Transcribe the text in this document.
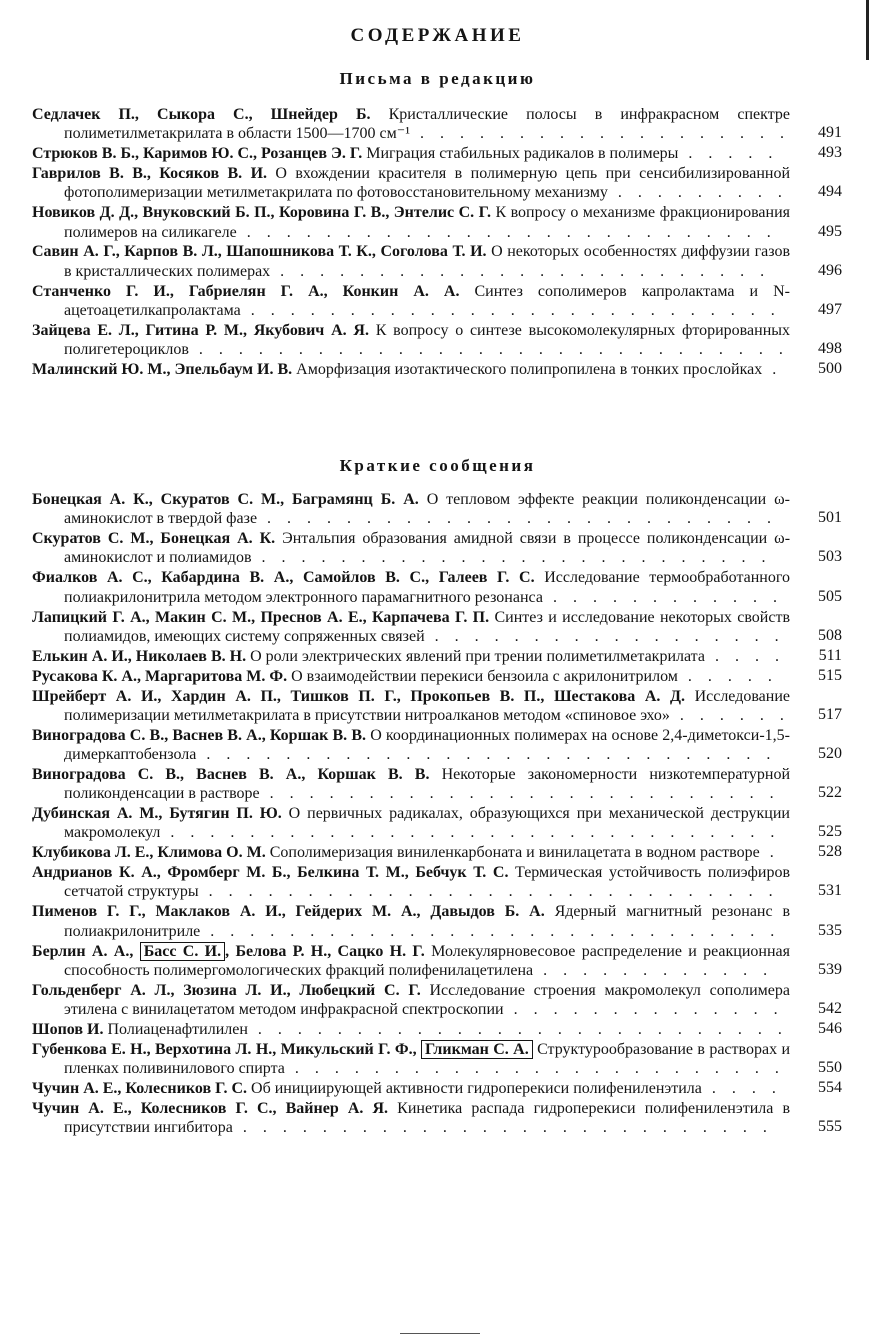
СОДЕРЖАНИЕ
Письма в редакцию
Седлачек П., Сыкора С., Шнейдер Б. Кристаллические полосы в инфракрасном спектре полиметилметакрилата в области 1500—1700 см⁻¹ . . . . . . . . . . . . . . . . . . .	491
Стрюков В. Б., Каримов Ю. С., Розанцев Э. Г. Миграция стабильных радикалов в полимеры . . . . .	493
Гаврилов В. В., Косяков В. И. О вхождении красителя в полимерную цепь при сенсибилизированной фотополимеризации метилметакрилата по фотовосстановительному механизму . . . . . . . . .	494
Новиков Д. Д., Внуковский Б. П., Коровина Г. В., Энтелис С. Г. К вопросу о механизме фракционирования полимеров на силикагеле . . . . . . . . . . . . . . . . . . . . . . . . . . .	495
Савин А. Г., Карпов В. Л., Шапошникова Т. К., Соголова Т. И. О некоторых особенностях диффузии газов в кристаллических полимерах . . . . . . . . . . . . . . . . . . . . . . . . .	496
Станченко Г. И., Габриелян Г. А., Конкин А. А. Синтез сополимеров капролактама и N-ацетоацетилкапролактама . . . . . . . . . . . . . . . . . . . . . . . . . . .	497
Зайцева Е. Л., Гитина Р. М., Якубович А. Я. К вопросу о синтезе высокомолекулярных фторированных полигетероциклов . . . . . . . . . . . . . . . . . . . . . . . . . . . . . .	498
Малинский Ю. М., Эпельбаум И. В. Аморфизация изотактического полипропилена в тонких прослойках .	500
Краткие сообщения
Бонецкая А. К., Скуратов С. М., Баграмянц Б. А. О тепловом эффекте реакции поликонденсации ω-аминокислот в твердой фазе . . . . . . . . . . . . . . . . . . . . . . . . . .	501
Скуратов С. М., Бонецкая А. К. Энтальпия образования амидной связи в процессе поликонденсации ω-аминокислот и полиамидов . . . . . . . . . . . . . . . . . . . . . . . . . .	503
Фиалков А. С., Кабардина В. А., Самойлов В. С., Галеев Г. С. Исследование термообработанного полиакрилонитрила методом электронного парамагнитного резонанса . . . . . . . . . . . .	505
Лапицкий Г. А., Макин С. М., Преснов А. Е., Карпачева Г. П. Синтез и исследование некоторых свойств полиамидов, имеющих систему сопряженных связей . . . . . . . . . . . . . . . . . .	508
Елькин А. И., Николаев В. Н. О роли электрических явлений при трении полиметилметакрилата . . . .	511
Русакова К. А., Маргаритова М. Ф. О взаимодействии перекиси бензоила с акрилонитрилом . . . . .	515
Шрейберт А. И., Хардин А. П., Тишков П. Г., Прокопьев В. П., Шестакова А. Д. Исследование полимеризации метилметакрилата в присутствии нитроалканов методом «спиновое эхо» . . . . . .	517
Виноградова С. В., Васнев В. А., Коршак В. В. О координационных полимерах на основе 2,4-диметокси-1,5-димеркаптобензола . . . . . . . . . . . . . . . . . . . . . . . . . . . . .	520
Виноградова С. В., Васнев В. А., Коршак В. В. Некоторые закономерности низкотемпературной поликонденсации в растворе . . . . . . . . . . . . . . . . . . . . . . . . . .	522
Дубинская А. М., Бутягин П. Ю. О первичных радикалах, образующихся при механической деструкции макромолекул . . . . . . . . . . . . . . . . . . . . . . . . . . . . . . .	525
Клубикова Л. Е., Климова О. М. Сополимеризация виниленкарбоната и винилацетата в водном растворе .	528
Андрианов К. А., Фромберг М. Б., Белкина Т. М., Бебчук Т. С. Термическая устойчивость полиэфиров сетчатой структуры . . . . . . . . . . . . . . . . . . . . . . . . . . . . .	531
Пименов Г. Г., Маклаков А. И., Гейдерих М. А., Давыдов Б. А. Ядерный магнитный резонанс в полиакрилонитриле . . . . . . . . . . . . . . . . . . . . . . . . . . . . .	535
Берлин А. А., Басс С. И. , Белова Р. Н., Сацко Н. Г. Молекулярновесовое распределение и реакционная способность полимергомологических фракций полифенилацетилена . . . . . . . . . . . .	539
Гольденберг А. Л., Зюзина Л. И., Любецкий С. Г. Исследование строения макромолекул сополимера этилена с винилацетатом методом инфракрасной спектроскопии . . . . . . . . . . . . . .	542
Шопов И. Полиаценафтилилен . . . . . . . . . . . . . . . . . . . . . . . . . . .	546
Губенкова Е. Н., Верхотина Л. Н., Микульский Г. Ф., Гликман С. А. Структурообразование в растворах и пленках поливинилового спирта . . . . . . . . . . . . . . . . . . . . . . . . .	550
Чучин А. Е., Колесников Г. С. Об инициирующей активности гидроперекиси полифениленэтила . . . .	554
Чучин А. Е., Колесников Г. С., Вайнер А. Я. Кинетика распада гидроперекиси полифениленэтила в присутствии ингибитора . . . . . . . . . . . . . . . . . . . . . . . . . . .	555
